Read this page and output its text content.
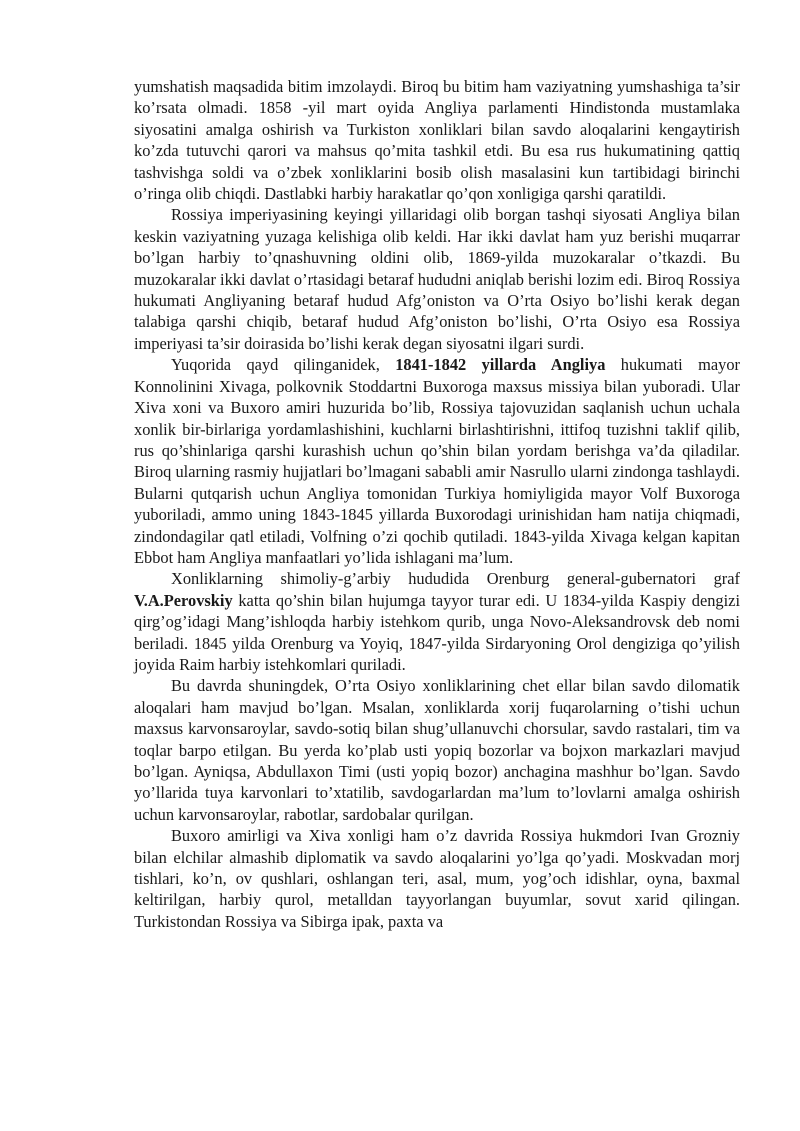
yumshatish maqsadida bitim imzolaydi. Biroq bu bitim ham vaziyatning yumshashiga ta’sir ko’rsata olmadi. 1858 -yil mart oyida Angliya parlamenti Hindistonda mustamlaka siyosatini amalga oshirish va Turkiston xonliklari bilan savdo aloqalarini kengaytirish ko’zda tutuvchi qarori va mahsus qo’mita tashkil etdi. Bu esa rus hukumatining qattiq tashvishga soldi va o’zbek xonliklarini bosib olish masalasini kun tartibidagi birinchi o’ringa olib chiqdi. Dastlabki harbiy harakatlar qo’qon xonligiga qarshi qaratildi.

Rossiya imperiyasining keyingi yillaridagi olib borgan tashqi siyosati Angliya bilan keskin vaziyatning yuzaga kelishiga olib keldi. Har ikki davlat ham yuz berishi muqarrar bo’lgan harbiy to’qnashuvning oldini olib, 1869-yilda muzokaralar o’tkazdi. Bu muzokaralar ikki davlat o’rtasidagi betaraf hududni aniqlab berishi lozim edi. Biroq Rossiya hukumati Angliyaning betaraf hudud Afg’oniston va O’rta Osiyo bo’lishi kerak degan talabiga qarshi chiqib, betaraf hudud Afg’oniston bo’lishi, O’rta Osiyo esa Rossiya imperiyasi ta’sir doirasida bo’lishi kerak degan siyosatni ilgari surdi.

Yuqorida qayd qilinganidek, 1841-1842 yillarda Angliya hukumati mayor Konnolinini Xivaga, polkovnik Stoddartni Buxoroga maxsus missiya bilan yuboradi. Ular Xiva xoni va Buxoro amiri huzurida bo’lib, Rossiya tajovuzidan saqlanish uchun uchala xonlik bir-birlariga yordamlashishini, kuchlarni birlashtirishni, ittifoq tuzishni taklif qilib, rus qo’shinlariga qarshi kurashish uchun qo’shin bilan yordam berishga va’da qiladilar. Biroq ularning rasmiy hujjatlari bo’lmagani sababli amir Nasrullo ularni zindonga tashlaydi. Bularni qutqarish uchun Angliya tomonidan Turkiya homiyligida mayor Volf Buxoroga yuboriladi, ammo uning 1843-1845 yillarda Buxorodagi urinishidan ham natija chiqmadi, zindondagilar qatl etiladi, Volfning o’zi qochib qutiladi. 1843-yilda Xivaga kelgan kapitan Ebbot ham Angliya manfaatlari yo’lida ishlagani ma’lum.

Xonliklarning shimoliy-g’arbiy hududida Orenburg general-gubernatori graf V.A.Perovskiy katta qo’shin bilan hujumga tayyor turar edi. U 1834-yilda Kaspiy dengizi qirg’og’idagi Mang’ishloqda harbiy istehkom qurib, unga Novo-Aleksandrovsk deb nomi beriladi. 1845 yilda Orenburg va Yoyiq, 1847-yilda Sirdaryoning Orol dengiziga qo’yilish joyida Raim harbiy istehkomlari quriladi.

Bu davrda shuningdek, O’rta Osiyo xonliklarining chet ellar bilan savdo dilomatik aloqalari ham mavjud bo’lgan. Msalan, xonliklarda xorij fuqarolarning o’tishi uchun maxsus karvonsaroylar, savdo-sotiq bilan shug’ullanuvchi chorsular, savdo rastalari, tim va toqlar barpo etilgan. Bu yerda ko’plab usti yopiq bozorlar va bojxon markazlari mavjud bo’lgan. Ayniqsa, Abdullaxon Timi (usti yopiq bozor) anchagina mashhur bo’lgan. Savdo yo’llarida tuya karvonlari to’xtatilib, savdogarlardan ma’lum to’lovlarni amalga oshirish uchun karvonsaroylar, rabotlar, sardobalar qurilgan.

Buxoro amirligi va Xiva xonligi ham o’z davrida Rossiya hukmdori Ivan Grozniy bilan elchilar almashib diplomatik va savdo aloqalarini yo’lga qo’yadi. Moskvadan morj tishlari, ko’n, ov qushlari, oshlangan teri, asal, mum, yog’och idishlar, oyna, baxmal keltirilgan, harbiy qurol, metalldan tayyorlangan buyumlar, sovut xarid qilingan. Turkistondan Rossiya va Sibirga ipak, paxta va
